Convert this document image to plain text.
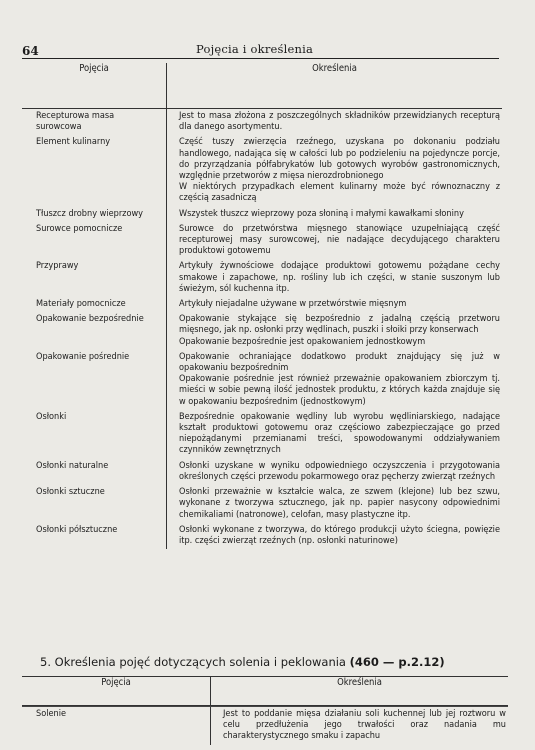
64	Pojęcia i określenia
Pojęcia	Określenia
Recepturowa masa surowcowa	Jest to masa złożona z poszczególnych składników przewidzianych recepturą dla danego asortymentu.
Element kulinarny	Część tuszy zwierzęcia rzeźnego, uzyskana po dokonaniu podziału handlowego, nadająca się w całości lub po podzieleniu na pojedyncze porcje, do przyrządzania półfabrykatów lub gotowych wyrobów gastronomicznych, względnie przetworów z mięsa nierozdrobnionego
W niektórych przypadkach element kulinarny może być równoznaczny z częścią zasadniczą
Tłuszcz drobny wieprzowy	Wszystek tłuszcz wieprzowy poza słoniną i małymi kawałkami słoniny
Surowce pomocnicze	Surowce do przetwórstwa mięsnego stanowiące uzupełniającą część recepturowej masy surowcowej, nie nadające decydującego charakteru produktowi gotowemu
Przyprawy	Artykuły żywnościowe dodające produktowi gotowemu pożądane cechy smakowe i zapachowe, np. rośliny lub ich części, w stanie suszonym lub świeżym, sól kuchenna itp.
Materiały pomocnicze	Artykuły niejadalne używane w przetwórstwie mięsnym
Opakowanie bezpośrednie	Opakowanie stykające się bezpośrednio z jadalną częścią przetworu mięsnego, jak np. osłonki przy wędlinach, puszki i słoiki przy konserwach
Opakowanie bezpośrednie jest opakowaniem jednostkowym
Opakowanie pośrednie	Opakowanie ochraniające dodatkowo produkt znajdujący się już w opakowaniu bezpośrednim
Opakowanie pośrednie jest również przeważnie opakowaniem zbiorczym tj. mieści w sobie pewną ilość jednostek produktu, z których każda znajduje się w opakowaniu bezpośrednim (jednostkowym)
Osłonki	Bezpośrednie opakowanie wędliny lub wyrobu wędliniarskiego, nadające kształt produktowi gotowemu oraz częściowo zabezpieczające go przed niepożądanymi przemianami treści, spowodowanymi oddziaływaniem czynników zewnętrznych
Osłonki naturalne	Osłonki uzyskane w wyniku odpowiedniego oczyszczenia i przygotowania określonych części przewodu pokarmowego oraz pęcherzy zwierząt rzeźnych
Osłonki sztuczne	Osłonki przeważnie w kształcie walca, ze szwem (klejone) lub bez szwu, wykonane z tworzywa sztucznego, jak np. papier nasycony odpowiednimi chemikaliami (natronowe), celofan, masy plastyczne itp.
Osłonki półsztuczne	Osłonki wykonane z tworzywa, do którego produkcji użyto ściegna, powięzie itp. części zwierząt rzeźnych (np. osłonki naturinowe)
5. Określenia pojęć dotyczących solenia i peklowania (460 — p.2.12)
Pojęcia	Określenia

Solenie	Jest to poddanie mięsa działaniu soli kuchennej lub jej roztworu w celu przedłużenia jego trwałości oraz nadania mu charakterystycznego smaku i zapachu
